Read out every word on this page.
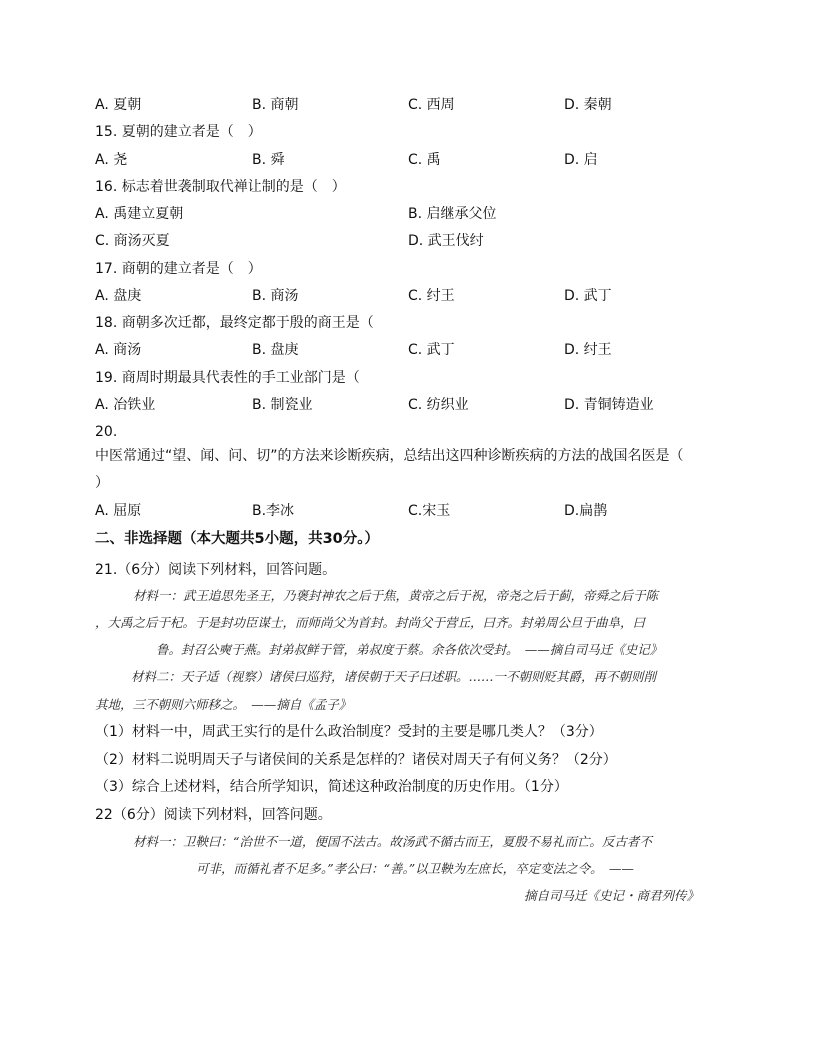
A. 夏朝	B. 商朝	C. 西周	D. 秦朝
15. 夏朝的建立者是（　）
A. 尧	B. 舜	C. 禹	D. 启
16. 标志着世袭制取代禅让制的是（　）
A. 禹建立夏朝	B. 启继承父位
C. 商汤灭夏	D. 武王伐纣
17. 商朝的建立者是（　）
A. 盘庚	B. 商汤	C. 纣王	D. 武丁
18. 商朝多次迁都，最终定都于殷的商王是（
A. 商汤	B. 盘庚	C. 武丁	D. 纣王
19. 商周时期最具代表性的手工业部门是（
A. 冶铁业	B. 制瓷业	C. 纺织业	D. 青铜铸造业
20.
中医常通过“望、闻、问、切”的方法来诊断疾病，总结出这四种诊断疾病的方法的战国名医是（
）
A. 屈原	B.李冰	C.宋玉	D.扁鹊
二、非选择题（本大题共5小题，共30分。）
21.（6分）阅读下列材料，回答问题。
材料一：武王追思先圣王，乃褒封神农之后于焦，黄帝之后于祝，帝尧之后于蓟，帝舜之后于陈
，大禹之后于杞。于是封功臣谋士，而师尚父为首封。封尚父于营丘，曰齐。封弟周公旦于曲阜，曰
鲁。封召公奭于燕。封弟叔鲜于管，弟叔度于蔡。余各依次受封。　——摘自司马迁《史记》
材料二：天子适（视察）诸侯曰巡狩，诸侯朝于天子曰述职。……一不朝则贬其爵，再不朝则削
其地，三不朝则六师移之。　——摘自《孟子》
（1）材料一中，周武王实行的是什么政治制度？受封的主要是哪几类人？（3分）
（2）材料二说明周天子与诸侯间的关系是怎样的？诸侯对周天子有何义务？（2分）
（3）综合上述材料，结合所学知识，简述这种政治制度的历史作用。（1分）
22（6分）阅读下列材料，回答问题。
材料一：卫鞅曰：“治世不一道，便国不法古。故汤武不循古而王，夏殷不易礼而亡。反古者不
可非，而循礼者不足多。”孝公曰：“善。”以卫鞅为左庶长，卒定变法之令。　——
摘自司马迁《史记・商君列传》
